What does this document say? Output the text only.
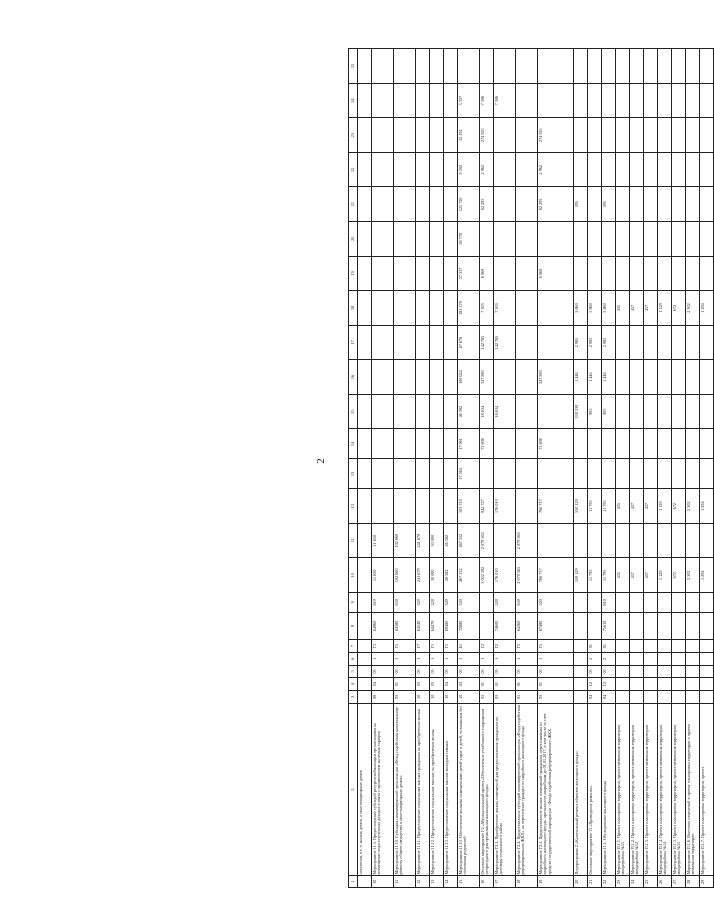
2
1	2	3	4	5	6	7	8	9	10	11	12	13	14	15	16	17	18	19	20	21	22	23	24	25
	населения, в т. ч. жилых домов, и многоквартирных домов																							
10	Мероприятие 11.3. Предоставление субсидий ресурсоснабжающим организациям на возмещение недополученных доходов в связи с применением льготных тарифов	08	04	05	1	Г3	64960	810	11 650	11 650														
11	Мероприятие 11.10. Субсидия некоммерческой организации «Фонд содействия капитальному ремонту общего имущества в многоквартирных домах»	05	01	05	1	Г5	64380	630	102 660	102 660														
12	Мероприятие 11.11. Предоставление социальных выплат гражданам на приобретение жилья	10	03	05	1	Г7	64540	320	241 679	241 679														
13	Мероприятие 11.12. Предоставление социальных выплат на приобретение жилья	10	03	05	1	Г1	64470	320	30 000	30 000														
14	Мероприятие 11.13. Предоставление социальных выплат молодым семьям	10	04	05	1	Г1	69480	320	26 582	26 582														
15	Мероприятие 11.15. Обеспечение жилыми помещениями детей-сирот и детей, оставшихся без попечения родителей	10	04	05	1	Б1	72880	320	467 332	467 332	103 710	17 564	17 961	46 392	100 624	67 678	181 370	57 337	58 778	125 720	9 592	52 192	5 337	
16	Основное мероприятие Г2 «Муниципальный проект «Обеспечение устойчивого сокращения непригодного для проживания жилищного фонда»	05	01	05	1	Г2			3 022 392	2 079 565	942 727		71 806	18 634	347 983	142 785	7 303	6 069		62 295	2 962	274 925	7 306	
17	Мероприятие Г2.1. Приобретение жилых помещений для предоставления гражданам по договору социального найма	05	01	05	1	Г2	74600	520	176 010		176 010			18 634		142 785	7 303						7 306	
18	Мероприятие Г2.4. Предоставление субсидий некоммерческой организации «Фонд содействия реформированию ЖКХ» на переселение граждан из аварийного жилищного фонда	05	01	05	1	Г5	64360	630	2 079 565	2 079 565														
19	Мероприятие Г2.5. Предоставление жилых помещений гражданам, переселяемым из аварийного жилищного фонда, признанного аварийным до 01.01.2017, в том числе за счет средств государственной корпорации - Фонда содействия реформированию ЖКХ	05	01	05	1	Г5	67480	520	766 717		766 717		71 806		347 983			6 069		62 295	2 962	274 925		
20	Подпрограмма 2 «Капитальный ремонт объектов жилищного фонда»								550 129		550 129			339 339	1 446	2 985	5 860			395				
21	Основное мероприятие 11 «Проведение ремонта»	04	12	05	2	01			11 795		11 795			905	1 446	2 985	5 860							
22	Мероприятие 11.1. Обследование жилищного фонда	04	12	05	2	01	71610	810	11 795		11 795			905	1 446	2 985	5 860			395				
23	Мероприятие П.1.1. Проект планировки территории, проект межевания территории микрорайона №11								435		435						435							
24	Мероприятие П.1.2. Проект планировки территории, проект межевания территории микрорайона №12								457		457						457							
25	Мероприятие П.1.3. Проект планировки территории, проект межевания территории								457		457						457							
26	Мероприятие П.1.4. Проект планировки территории, проект межевания территории микрорайона №14								1 129		1 129						1 129							
27	Мероприятие П.1.5. Проект планировки территории, проект межевания территории микрорайона №15								672		672						672							
28	Мероприятие П.1.6. Внесение изменений в проект планировки территории и проект межевания территории								2 302		2 302						2 302							
29	Мероприятие П.1.7. Проект планировки территории, проект								1 294		1 294						1 294							
